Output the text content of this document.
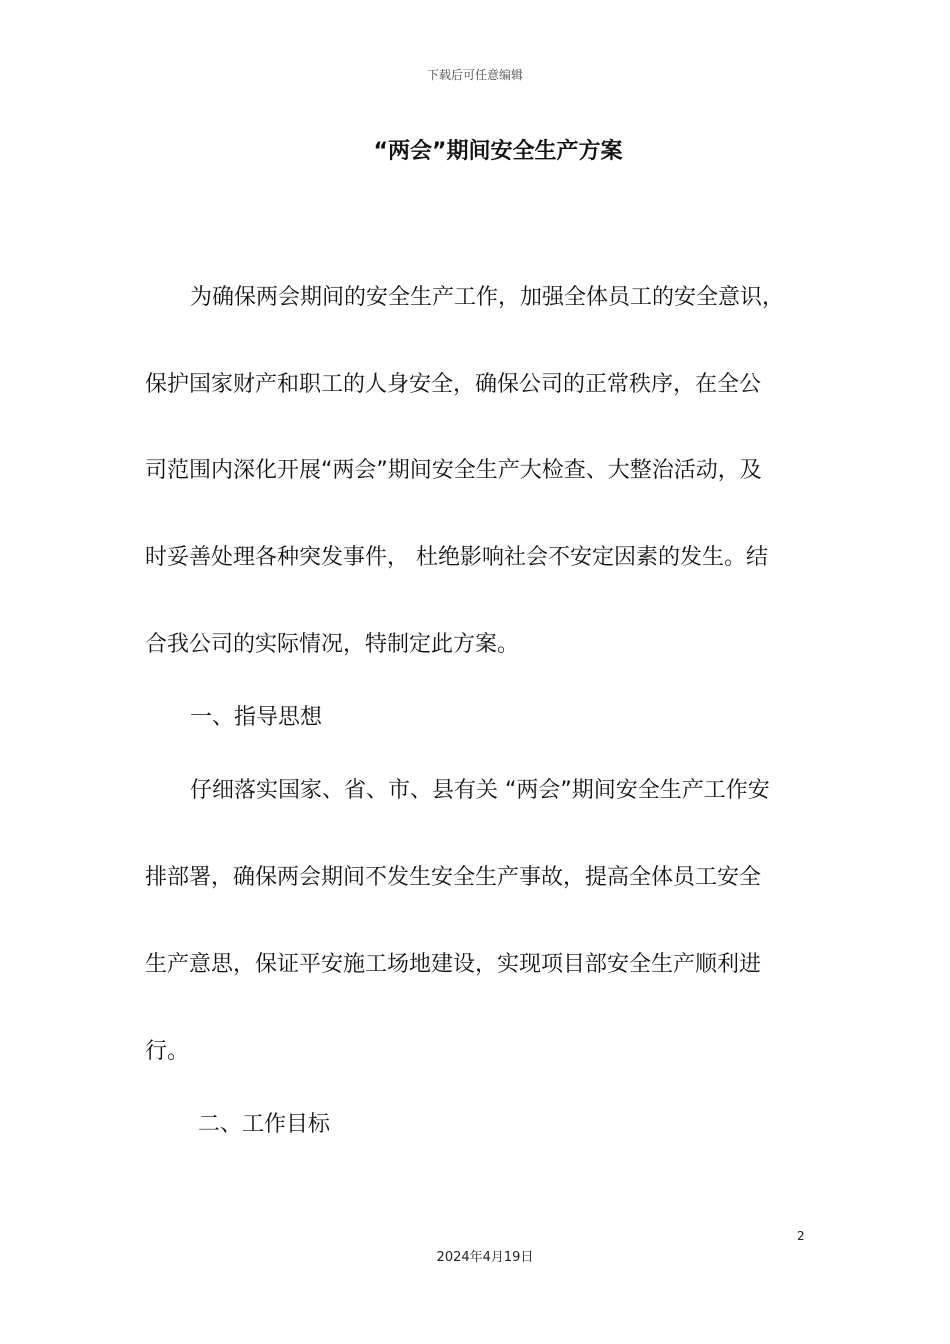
下载后可任意编辑
“两会”期间安全生产方案

为确保两会期间的安全生产工作，加强全体员工的安全意识，

保护国家财产和职工的人身安全，确保公司的正常秩序，在全公

司范围内深化开展“两会”期间安全生产大检查、大整治活动，及

时妥善处理各种突发事件， 杜绝影响社会不安定因素的发生。结

合我公司的实际情况，特制定此方案。

一、指导思想

仔细落实国家、省、市、县有关 “两会”期间安全生产工作安

排部署，确保两会期间不发生安全生产事故，提高全体员工安全

生产意思，保证平安施工场地建设，实现项目部安全生产顺利进

行。

二、工作目标

2
2024年4月19日
